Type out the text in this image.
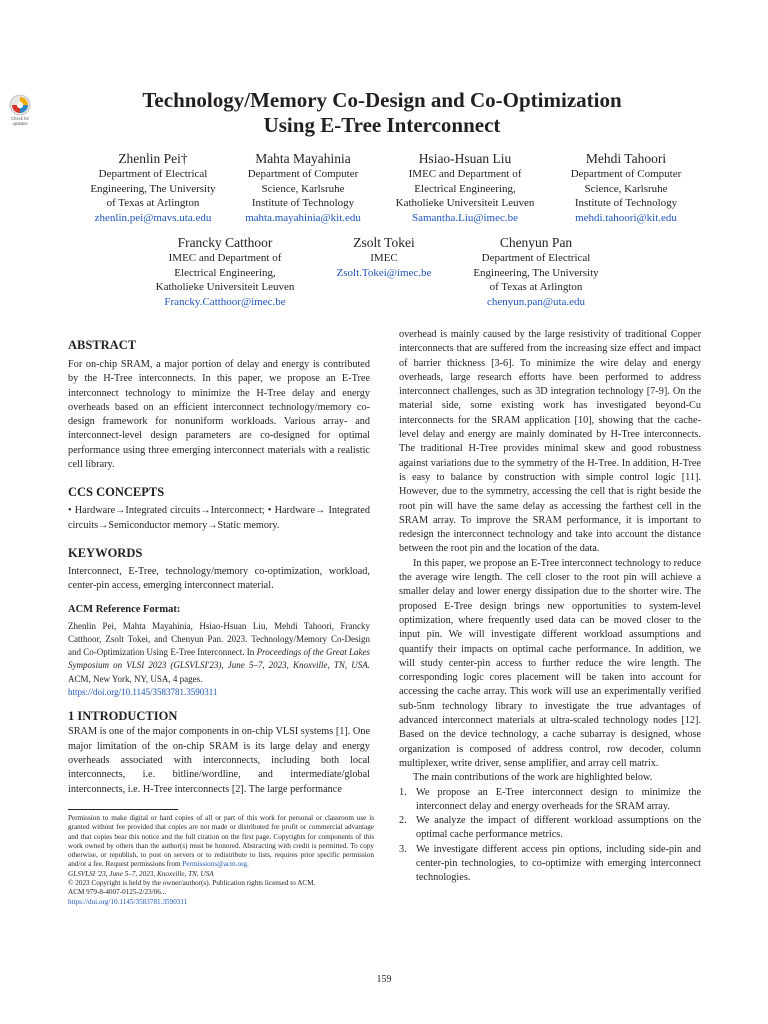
Check for
updates
Technology/Memory Co-Design and Co-Optimization
Using E-Tree Interconnect
Zhenlin Pei†
Department of Electrical
Engineering, The University
of Texas at Arlington
zhenlin.pei@mavs.uta.edu
Mahta Mayahinia
Department of Computer
Science, Karlsruhe
Institute of Technology
mahta.mayahinia@kit.edu
Hsiao-Hsuan Liu
IMEC and Department of
Electrical Engineering,
Katholieke Universiteit Leuven
Samantha.Liu@imec.be
Mehdi Tahoori
Department of Computer
Science, Karlsruhe
Institute of Technology
mehdi.tahoori@kit.edu
Francky Catthoor
IMEC and Department of
Electrical Engineering,
Katholieke Universiteit Leuven
Francky.Catthoor@imec.be
Zsolt Tokei
IMEC
Zsolt.Tokei@imec.be
Chenyun Pan
Department of Electrical
Engineering, The University
of Texas at Arlington
chenyun.pan@uta.edu
ABSTRACT

For on-chip SRAM, a major portion of delay and energy is contributed by the H-Tree interconnects. In this paper, we propose an E-Tree interconnect technology to minimize the H-Tree delay and energy overheads based on an efficient interconnect technology/memory co-design framework for nonuniform workloads. Various array- and interconnect-level design parameters are co-designed for optimal performance using three emerging interconnect materials with a realistic cell library.

CCS CONCEPTS

• Hardware→Integrated circuits→Interconnect; • Hardware→ Integrated circuits→Semiconductor memory→Static memory.

KEYWORDS

Interconnect, E-Tree, technology/memory co-optimization, workload, center-pin access, emerging interconnect material.

ACM Reference Format:

Zhenlin Pei, Mahta Mayahinia, Hsiao-Hsuan Liu, Mehdi Tahoori, Francky Catthoor, Zsolt Tokei, and Chenyun Pan. 2023. Technology/Memory Co-Design and Co-Optimization Using E-Tree Interconnect. In Proceedings of the Great Lakes Symposium on VLSI 2023 (GLSVLSI'23), June 5–7, 2023, Knoxville, TN, USA. ACM, New York, NY, USA, 4 pages.
https://doi.org/10.1145/3583781.3590311

1 INTRODUCTION

SRAM is one of the major components in on-chip VLSI systems [1]. One major limitation of the on-chip SRAM is its large delay and energy overheads associated with interconnects, including both local interconnects, i.e. bitline/wordline, and intermediate/global interconnects, i.e. H-Tree interconnects [2]. The large performance

Permission to make digital or hard copies of all or part of this work for personal or classroom use is granted without fee provided that copies are not made or distributed for profit or commercial advantage and that copies bear this notice and the full citation on the first page. Copyrights for components of this work owned by others than the author(s) must be honored. Abstracting with credit is permitted. To copy otherwise, or republish, to post on servers or to redistribute to lists, requires prior specific permission and/or a fee. Request permissions from Permissions@acm.org.

GLSVLSI '23, June 5–7, 2023, Knoxville, TN, USA

© 2023 Copyright is held by the owner/author(s). Publication rights licensed to ACM.

ACM 979-8-4007-0125-2/23/06...

https://doi.org/10.1145/3583781.3590311

overhead is mainly caused by the large resistivity of traditional Copper interconnects that are suffered from the increasing size effect and impact of barrier thickness [3-6]. To minimize the wire delay and energy overheads, large research efforts have been performed to address interconnect challenges, such as 3D integration technology [7-9]. On the material side, some existing work has investigated beyond-Cu interconnects for the SRAM application [10], showing that the cache-level delay and energy are mainly dominated by H-Tree interconnects. The traditional H-Tree provides minimal skew and good robustness against variations due to the symmetry of the H-Tree. In addition, H-Tree is easy to balance by construction with simple control logic [11]. However, due to the symmetry, accessing the cell that is right beside the root pin will have the same delay as accessing the farthest cell in the SRAM array. To improve the SRAM performance, it is important to redesign the interconnect technology and take into account the distance between the root pin and the location of the data.

In this paper, we propose an E-Tree interconnect technology to reduce the average wire length. The cell closer to the root pin will achieve a smaller delay and lower energy dissipation due to the shorter wire. The proposed E-Tree design brings new opportunities to system-level optimization, where frequently used data can be moved closer to the input pin. We will investigate different workload assumptions and quantify their impacts on optimal cache performance. In addition, we will study center-pin access to further reduce the wire length. The corresponding logic cores placement will be taken into account for accessing the cache array. This work will use an experimentally verified sub-5nm technology library to investigate the true advantages of advanced interconnect materials at ultra-scaled technology nodes [12]. Based on the device technology, a cache subarray is designed, whose organization is composed of address control, row decoder, column multiplexer, write driver, sense amplifier, and array cell matrix.

The main contributions of the work are highlighted below.

1. We propose an E-Tree interconnect design to minimize the interconnect delay and energy overheads for the SRAM array.
2. We analyze the impact of different workload assumptions on the optimal cache performance metrics.
3. We investigate different access pin options, including side-pin and center-pin technologies, to co-optimize with emerging interconnect technologies.
159
